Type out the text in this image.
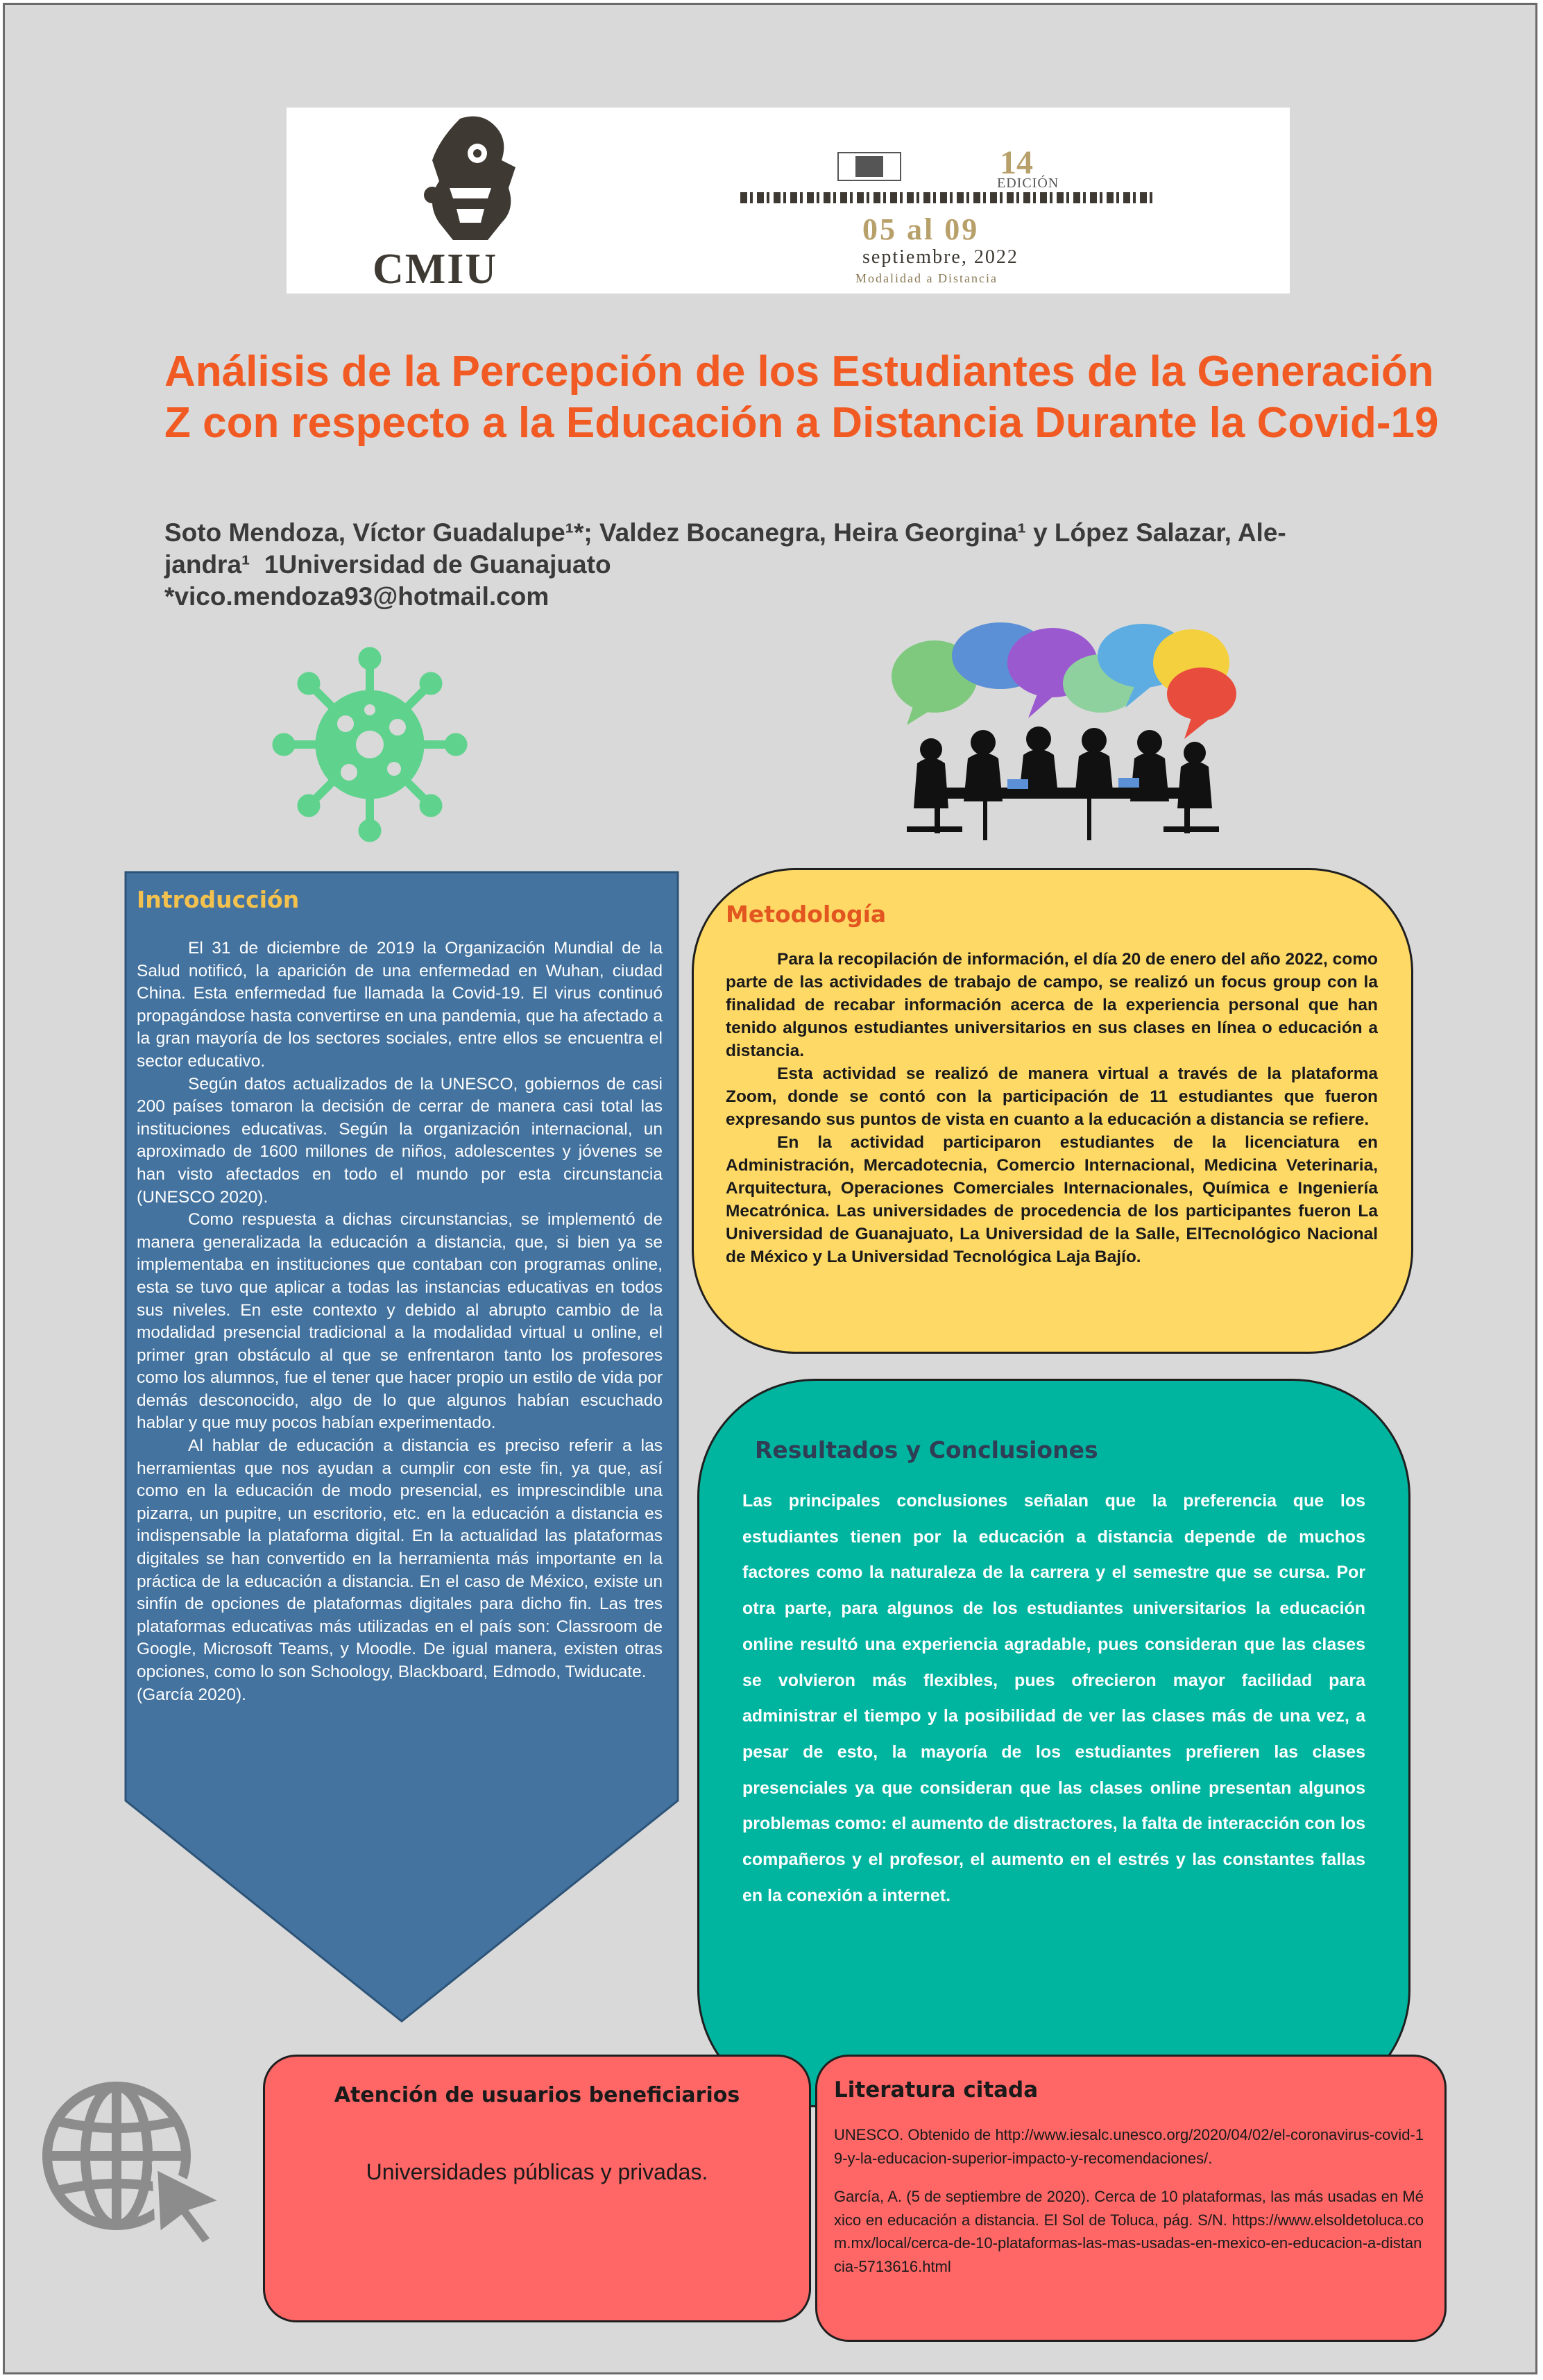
CMIU
14
EDICIÓN
05 al 09
septiembre, 2022
Modalidad a Distancia
Análisis de la Percepción de los Estudiantes de la Generación Z con respecto a la Educación a Distancia Durante la Covid-19
Soto Mendoza, Víctor Guadalupe¹*; Valdez Bocanegra, Heira Georgina¹ y López Salazar, Ale-
jandra¹  1Universidad de Guanajuato
*vico.mendoza93@hotmail.com
Introducción

El 31 de diciembre de 2019 la Organización Mundial de la Salud notificó, la aparición de una enfermedad en Wuhan, ciudad China. Esta enfermedad fue llamada la Covid-19. El virus continuó propagándose hasta convertirse en una pandemia, que ha afectado a la gran mayoría de los sectores sociales, entre ellos se encuentra el sector educativo.

Según datos actualizados de la UNESCO, gobiernos de casi 200 países tomaron la decisión de cerrar de manera casi total las instituciones educativas. Según la organización internacional, un aproximado de 1600 millones de niños, adolescentes y jóvenes se han visto afectados en todo el mundo por esta circunstancia (UNESCO 2020).

Como respuesta a dichas circunstancias, se implementó de manera generalizada la educación a distancia, que, si bien ya se implementaba en instituciones que contaban con programas online, esta se tuvo que aplicar a todas las instancias educativas en todos sus niveles. En este contexto y debido al abrupto cambio de la modalidad presencial tradicional a la modalidad virtual u online, el primer gran obstáculo al que se enfrentaron tanto los profesores como los alumnos, fue el tener que hacer propio un estilo de vida por demás desconocido, algo de lo que algunos habían escuchado hablar y que muy pocos habían experimentado.

Al hablar de educación a distancia es preciso referir a las herramientas que nos ayudan a cumplir con este fin, ya que, así como en la educación de modo presencial, es imprescindible una pizarra, un pupitre, un escritorio, etc. en la educación a distancia es indispensable la plataforma digital. En la actualidad las plataformas digitales se han convertido en la herramienta más importante en la práctica de la educación a distancia. En el caso de México, existe un sinfín de opciones de plataformas digitales para dicho fin. Las tres plataformas educativas más utilizadas en el país son: Classroom de Google, Microsoft Teams, y Moodle. De igual manera, existen otras opciones, como lo son Schoology, Blackboard, Edmodo, Twiducate.

(García 2020).

Metodología

Para la recopilación de información, el día 20 de enero del año 2022, como parte de las actividades de trabajo de campo, se realizó un focus group con la finalidad de recabar información acerca de la experiencia personal que han tenido algunos estudiantes universitarios en sus clases en línea o educación a distancia.

Esta actividad se realizó de manera virtual a través de la plataforma Zoom, donde se contó con la participación de 11 estudiantes que fueron expresando sus puntos de vista en cuanto a la educación a distancia se refiere.

En la actividad participaron estudiantes de la licenciatura en Administración, Mercadotecnia, Comercio Internacional, Medicina Veterinaria, Arquitectura, Operaciones Comerciales Internacionales, Química e Ingeniería Mecatrónica. Las universidades de procedencia de los participantes fueron La Universidad de Guanajuato, La Universidad de la Salle, ElTecnológico Nacional de México y La Universidad Tecnológica Laja Bajío.

Resultados y Conclusiones
Las principales conclusiones señalan que la preferencia que los estudiantes tienen por la educación a distancia depende de muchos factores como la naturaleza de la carrera y el semestre que se cursa. Por otra parte, para algunos de los estudiantes universitarios la educación online resultó una experiencia agradable, pues consideran que las clases se volvieron más flexibles, pues ofrecieron mayor facilidad para administrar el tiempo y la posibilidad de ver las clases más de una vez, a pesar de esto, la mayoría de los estudiantes prefieren las clases presenciales ya que consideran que las clases online presentan algunos problemas como: el aumento de distractores, la falta de interacción con los compañeros y el profesor, el aumento en el estrés y las constantes fallas en la conexión a internet.
Atención de usuarios beneficiarios
Universidades públicas y privadas.
Literatura citada

UNESCO. Obtenido de http://www.iesalc.unesco.org/2020/04/02/el-coronavirus-covid-19-y-la-educacion-superior-impacto-y-recomendaciones/.

García, A. (5 de septiembre de 2020). Cerca de 10 plataformas, las más usadas en México en educación a distancia. El Sol de Toluca, pág. S/N. https://www.elsoldetoluca.com.mx/local/cerca-de-10-plataformas-las-mas-usadas-en-mexico-en-educacion-a-distancia-5713616.html
